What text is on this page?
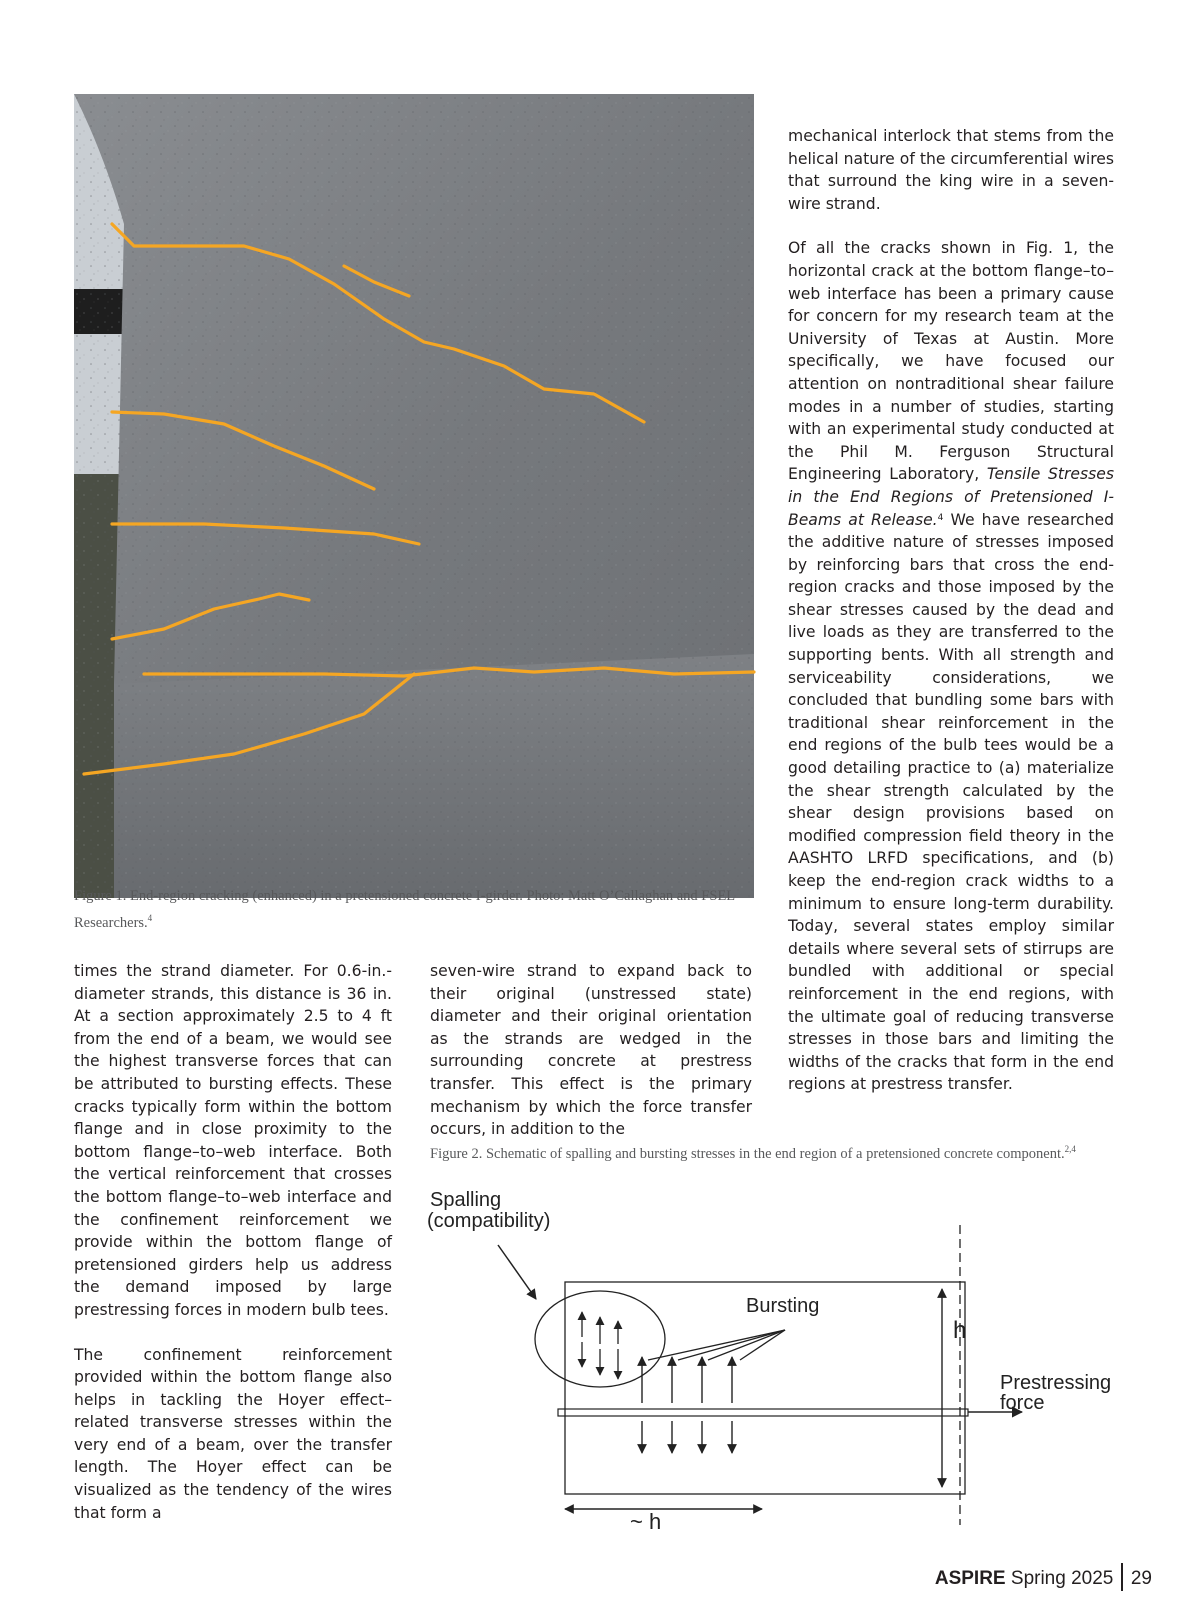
Figure 1. End-region cracking (enhanced) in a pretensioned concrete I-girder. Photo: Matt O’Callaghan and FSEL Researchers.$^4$

mechanical interlock that stems from the helical nature of the circumferential wires that surround the king wire in a seven-wire strand.

Of all the cracks shown in Fig. 1, the horizontal crack at the bottom flange–to–web interface has been a primary cause for concern for my research team at the University of Texas at Austin. More specifically, we have focused our attention on nontraditional shear failure modes in a number of studies, starting with an experimental study conducted at the Phil M. Ferguson Structural Engineering Laboratory, Tensile Stresses in the End Regions of Pretensioned I-Beams at Release.$^4$ We have researched the additive nature of stresses imposed by reinforcing bars that cross the end-region cracks and those imposed by the shear stresses caused by the dead and live loads as they are transferred to the supporting bents. With all strength and serviceability considerations, we concluded that bundling some bars with traditional shear reinforcement in the end regions of the bulb tees would be a good detailing practice to (a) materialize the shear strength calculated by the shear design provisions based on modified compression field theory in the AASHTO LRFD specifications, and (b) keep the end-region crack widths to a minimum to ensure long-term durability. Today, several states employ similar details where several sets of stirrups are bundled with additional or special reinforcement in the end regions, with the ultimate goal of reducing transverse stresses in those bars and limiting the widths of the cracks that form in the end regions at prestress transfer.

times the strand diameter. For 0.6-in.-diameter strands, this distance is 36 in. At a section approximately 2.5 to 4 ft from the end of a beam, we would see the highest transverse forces that can be attributed to bursting effects. These cracks typically form within the bottom flange and in close proximity to the bottom flange–to–web interface. Both the vertical reinforcement that crosses the bottom flange–to–web interface and the confinement reinforcement we provide within the bottom flange of pretensioned girders help us address the demand imposed by large prestressing forces in modern bulb tees.

The confinement reinforcement provided within the bottom flange also helps in tackling the Hoyer effect–related transverse stresses within the very end of a beam, over the transfer length. The Hoyer effect can be visualized as the tendency of the wires that form a

seven-wire strand to expand back to their original (unstressed state) diameter and their original orientation as the strands are wedged in the surrounding concrete at prestress transfer. This effect is the primary mechanism by which the force transfer occurs, in addition to the

Figure 2. Schematic of spalling and bursting stresses in the end region of a pretensioned concrete component.$^{2,4}$
Spalling
(compatibility)
Bursting
h
Prestressing
force
~ h
ASPIRE Spring 2025 29
